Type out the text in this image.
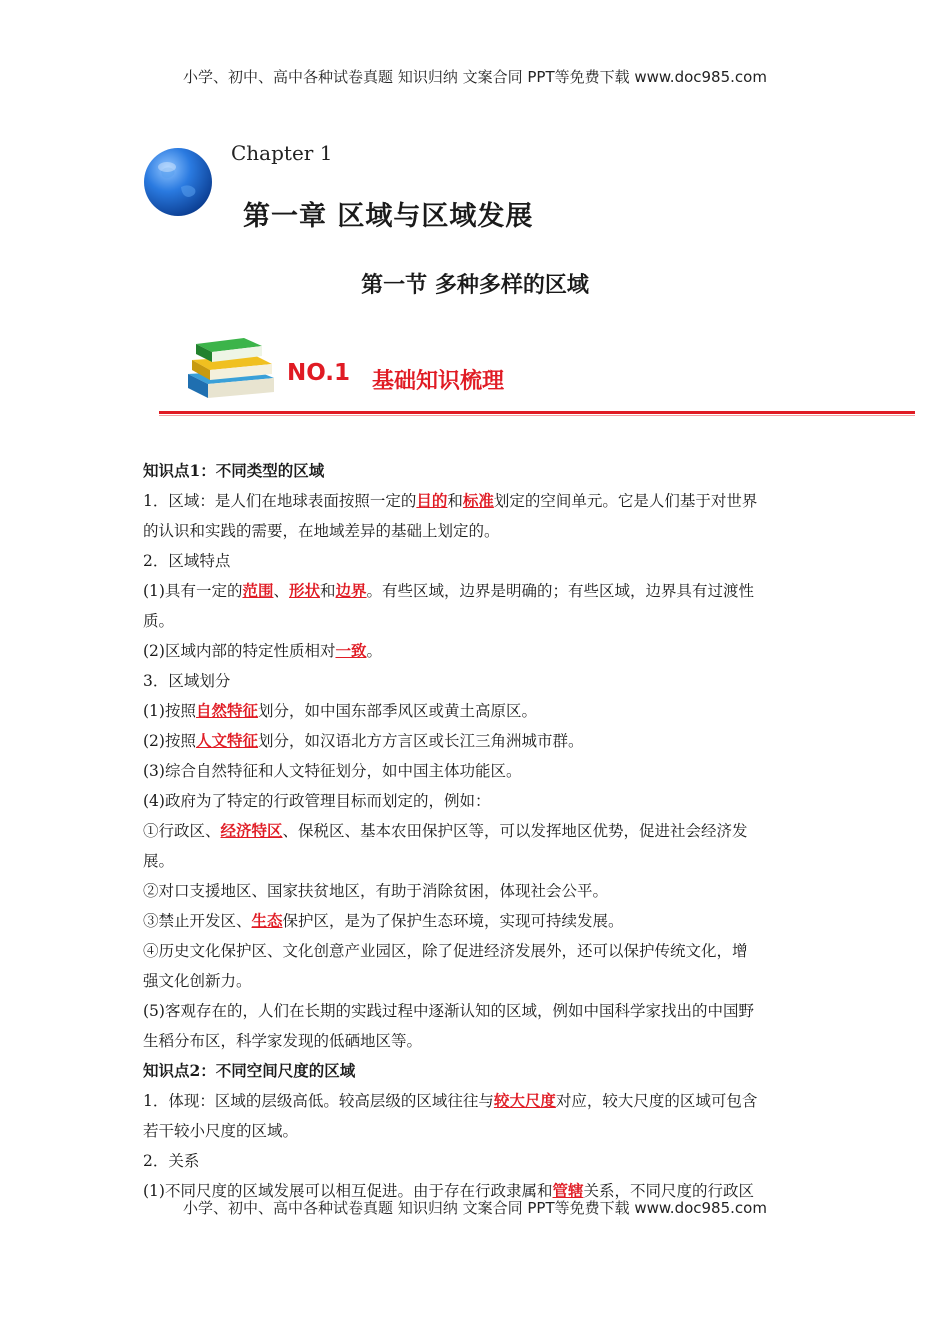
小学、初中、高中各种试卷真题 知识归纳 文案合同 PPT等免费下载 www.doc985.com
Chapter 1
第一章 区域与区域发展
第一节 多种多样的区域
NO.1 基础知识梳理

知识点1：不同类型的区域

1．区域：是人们在地球表面按照一定的目的和标准划定的空间单元。它是人们基于对世界

的认识和实践的需要，在地域差异的基础上划定的。

2．区域特点

(1)具有一定的范围、形状和边界。有些区域，边界是明确的；有些区域，边界具有过渡性

质。

(2)区域内部的特定性质相对一致。

3．区域划分

(1)按照自然特征划分，如中国东部季风区或黄土高原区。

(2)按照人文特征划分，如汉语北方方言区或长江三角洲城市群。

(3)综合自然特征和人文特征划分，如中国主体功能区。

(4)政府为了特定的行政管理目标而划定的，例如：

①行政区、经济特区、保税区、基本农田保护区等，可以发挥地区优势，促进社会经济发

展。

②对口支援地区、国家扶贫地区，有助于消除贫困，体现社会公平。

③禁止开发区、生态保护区，是为了保护生态环境，实现可持续发展。

④历史文化保护区、文化创意产业园区，除了促进经济发展外，还可以保护传统文化，增

强文化创新力。

(5)客观存在的，人们在长期的实践过程中逐渐认知的区域，例如中国科学家找出的中国野

生稻分布区，科学家发现的低硒地区等。

知识点2：不同空间尺度的区域

1．体现：区域的层级高低。较高层级的区域往往与较大尺度对应，较大尺度的区域可包含

若干较小尺度的区域。

2．关系

(1)不同尺度的区域发展可以相互促进。由于存在行政隶属和管辖关系，不同尺度的行政区

小学、初中、高中各种试卷真题 知识归纳 文案合同 PPT等免费下载 www.doc985.com
